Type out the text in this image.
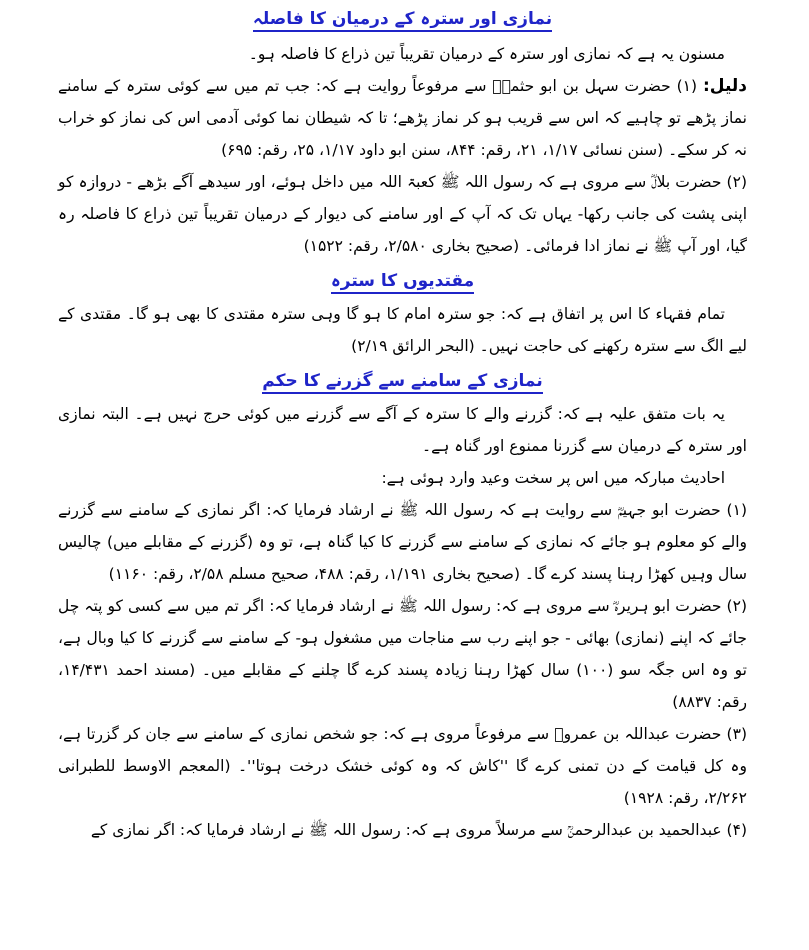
نمازی اور سترہ کے درمیان کا فاصلہ

مسنون یہ ہے کہ نمازی اور سترہ کے درمیان تقریباً تین ذراع کا فاصلہ ہو۔

دلیل: (۱) حضرت سہل بن ابو حثمہؓ سے مرفوعاً روایت ہے کہ: جب تم میں سے کوئی سترہ کے سامنے نماز پڑھے تو چاہیے کہ اس سے قریب ہو کر نماز پڑھے؛ تا کہ شیطان نما کوئی آدمی اس کی نماز کو خراب نہ کر سکے۔ (سنن نسائی ۱/۱۷، ۲۱، رقم: ۸۴۴، سنن ابو داود ۱/۱۷، ۲۵، رقم: ۶۹۵)

(۲) حضرت بلالؓ سے مروی ہے کہ رسول اللہ ﷺ کعبۃ اللہ میں داخل ہوئے، اور سیدھے آگے بڑھے - دروازہ کو اپنی پشت کی جانب رکھا- یہاں تک کہ آپ کے اور سامنے کی دیوار کے درمیان تقریباً تین ذراع کا فاصلہ رہ گیا، اور آپ ﷺ نے نماز ادا فرمائی۔ (صحیح بخاری ۲/۵۸۰، رقم: ۱۵۲۲)

مقتدیوں کا سترہ

تمام فقہاء کا اس پر اتفاق ہے کہ: جو سترہ امام کا ہو گا وہی سترہ مقتدی کا بھی ہو گا۔ مقتدی کے لیے الگ سے سترہ رکھنے کی حاجت نہیں۔ (البحر الرائق ۲/۱۹)

نمازی کے سامنے سے گزرنے کا حکم

یہ بات متفق علیہ ہے کہ: گزرنے والے کا سترہ کے آگے سے گزرنے میں کوئی حرج نہیں ہے۔ البتہ نمازی اور سترہ کے درمیان سے گزرنا ممنوع اور گناہ ہے۔

احادیث مبارکہ میں اس پر سخت وعید وارد ہوئی ہے:

(۱) حضرت ابو جہیمؓ سے روایت ہے کہ رسول اللہ ﷺ نے ارشاد فرمایا کہ: اگر نمازی کے سامنے سے گزرنے والے کو معلوم ہو جائے کہ نمازی کے سامنے سے گزرنے کا کیا گناہ ہے، تو وہ (گزرنے کے مقابلے میں) چالیس سال وہیں کھڑا رہنا پسند کرے گا۔ (صحیح بخاری ۱/۱۹۱، رقم: ۴۸۸، صحیح مسلم ۲/۵۸، رقم: ۱۱۶۰)

(۲) حضرت ابو ہریرہؓ سے مروی ہے کہ: رسول اللہ ﷺ نے ارشاد فرمایا کہ: اگر تم میں سے کسی کو پتہ چل جائے کہ اپنے (نمازی) بھائی - جو اپنے رب سے مناجات میں مشغول ہو- کے سامنے سے گزرنے کا کیا وبال ہے، تو وہ اس جگہ سو (۱۰۰) سال کھڑا رہنا زیادہ پسند کرے گا چلنے کے مقابلے میں۔ (مسند احمد ۱۴/۴۳۱، رقم: ۸۸۳۷)

(۳) حضرت عبداللہ بن عمروؓ سے مرفوعاً مروی ہے کہ: جو شخص نمازی کے سامنے سے جان کر گزرتا ہے، وہ کل قیامت کے دن تمنی کرے گا ''کاش کہ وہ کوئی خشک درخت ہوتا''۔ (المعجم الاوسط للطبرانی ۲/۲۶۲، رقم: ۱۹۲۸)

(۴) عبدالحمید بن عبدالرحمنؒ سے مرسلاً مروی ہے کہ: رسول اللہ ﷺ نے ارشاد فرمایا کہ: اگر نمازی کے
